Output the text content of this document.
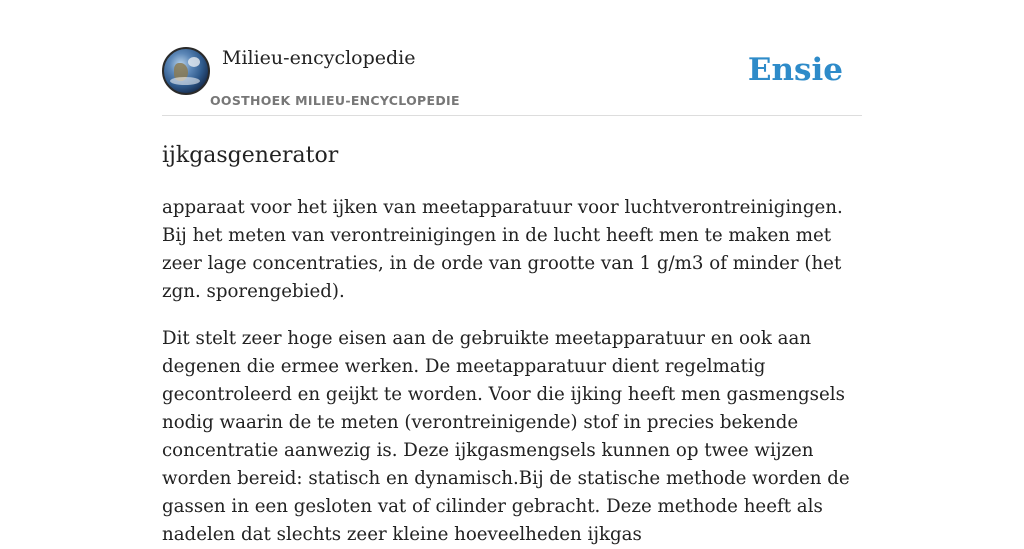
Milieu-encyclopedie
OOSTHOEK MILIEU-ENCYCLOPEDIE
Ensie
ijkgasgenerator

apparaat voor het ijken van meetapparatuur voor luchtverontreinigingen. Bij het meten van verontreinigingen in de lucht heeft men te maken met zeer lage concentraties, in de orde van grootte van 1 g/m3 of minder (het zgn. sporengebied).

Dit stelt zeer hoge eisen aan de gebruikte meetapparatuur en ook aan degenen die ermee werken. De meetapparatuur dient regelmatig gecontroleerd en geijkt te worden. Voor die ijking heeft men gasmengsels nodig waarin de te meten (verontreinigende) stof in precies bekende concentratie aanwezig is. Deze ijkgasmengsels kunnen op twee wijzen worden bereid: statisch en dynamisch.Bij de statische methode worden de gassen in een gesloten vat of cilinder gebracht. Deze methode heeft als nadelen dat slechts zeer kleine hoeveelheden ijkgas
